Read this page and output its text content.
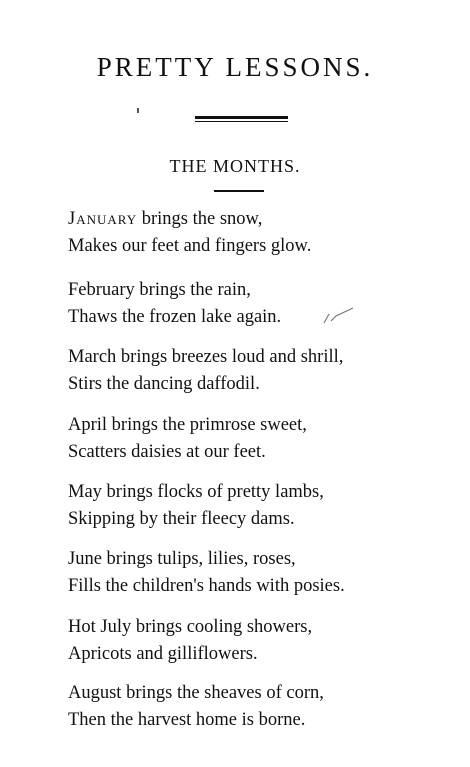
PRETTY LESSONS.
THE MONTHS.
January brings the snow,
Makes our feet and fingers glow.
February brings the rain,
Thaws the frozen lake again.
March brings breezes loud and shrill,
Stirs the dancing daffodil.
April brings the primrose sweet,
Scatters daisies at our feet.
May brings flocks of pretty lambs,
Skipping by their fleecy dams.
June brings tulips, lilies, roses,
Fills the children's hands with posies.
Hot July brings cooling showers,
Apricots and gilliflowers.
August brings the sheaves of corn,
Then the harvest home is borne.
